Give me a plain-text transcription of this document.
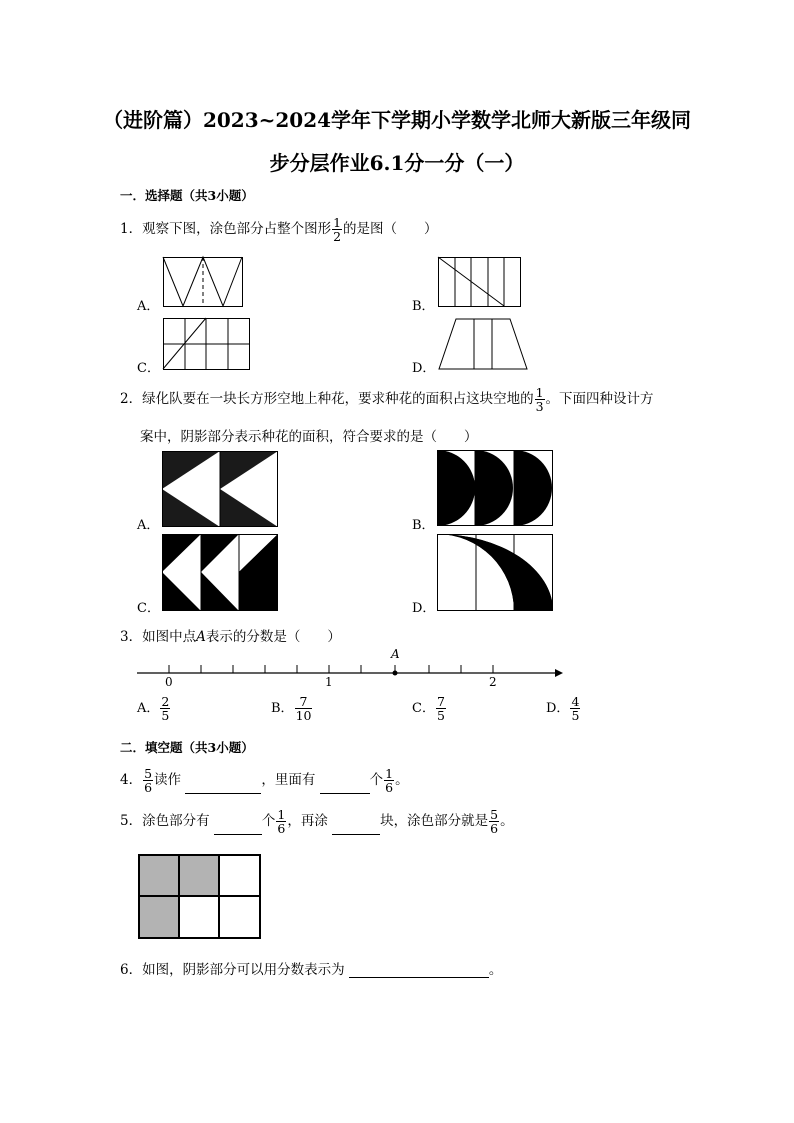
（进阶篇）2023~2024学年下学期小学数学北师大新版三年级同
步分层作业6.1分一分（一）
一．选择题（共3小题）
1．观察下图，涂色部分占整个图形 $\frac{1}{2}$ 的是图（　　）
A．	B．
C．	D．
2．绿化队要在一块长方形空地上种花，要求种花的面积占这块空地的 $\frac{1}{3}$ 。下面四种设计方
案中，阴影部分表示种花的面积，符合要求的是（　　）
A．	B．
C．	D．
3．如图中点A表示的分数是（　　）
A
0	1	2
A． $\frac{2}{5}$	B． $\frac{7}{10}$	C． $\frac{7}{5}$	D． $\frac{4}{5}$
二．填空题（共3小题）
4． $\frac{5}{6}$ 读作	，里面有	个 $\frac{1}{6}$ 。
5．涂色部分有	个 $\frac{1}{6}$ ，再涂	块，涂色部分就是 $\frac{5}{6}$ 。
6．如图，阴影部分可以用分数表示为	。
